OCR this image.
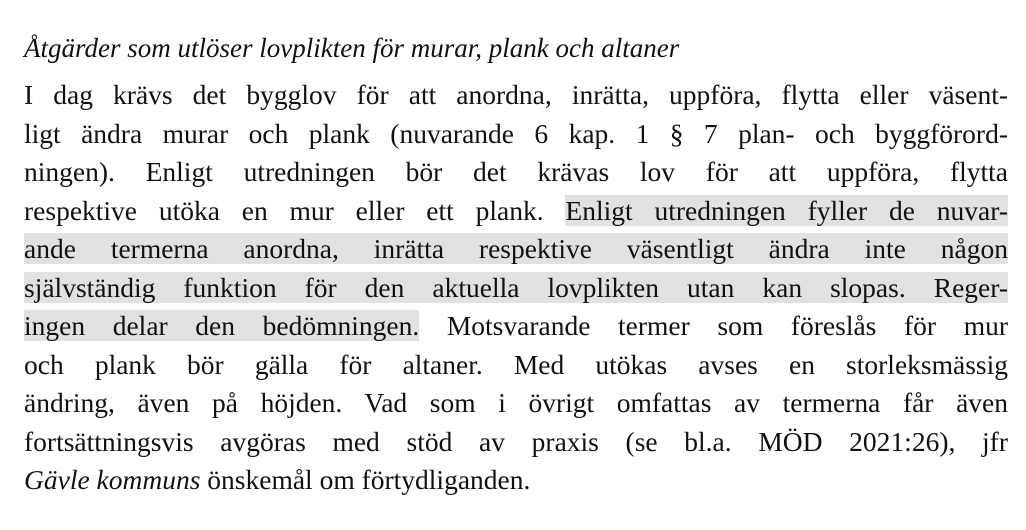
Åtgärder som utlöser lovplikten för murar, plank och altaner
I dag krävs det bygglov för att anordna, inrätta, uppföra, flytta eller väsent-
ligt ändra murar och plank (nuvarande 6 kap. 1 § 7 plan- och byggförord-
ningen). Enligt utredningen bör det krävas lov för att uppföra, flytta
respektive utöka en mur eller ett plank. Enligt utredningen fyller de nuvar-
ande termerna anordna, inrätta respektive väsentligt ändra inte någon
självständig funktion för den aktuella lovplikten utan kan slopas. Reger-
ingen delar den bedömningen. Motsvarande termer som föreslås för mur
och plank bör gälla för altaner. Med utökas avses en storleksmässig
ändring, även på höjden. Vad som i övrigt omfattas av termerna får även
fortsättningsvis avgöras med stöd av praxis (se bl.a. MÖD 2021:26), jfr
Gävle kommuns önskemål om förtydliganden.
